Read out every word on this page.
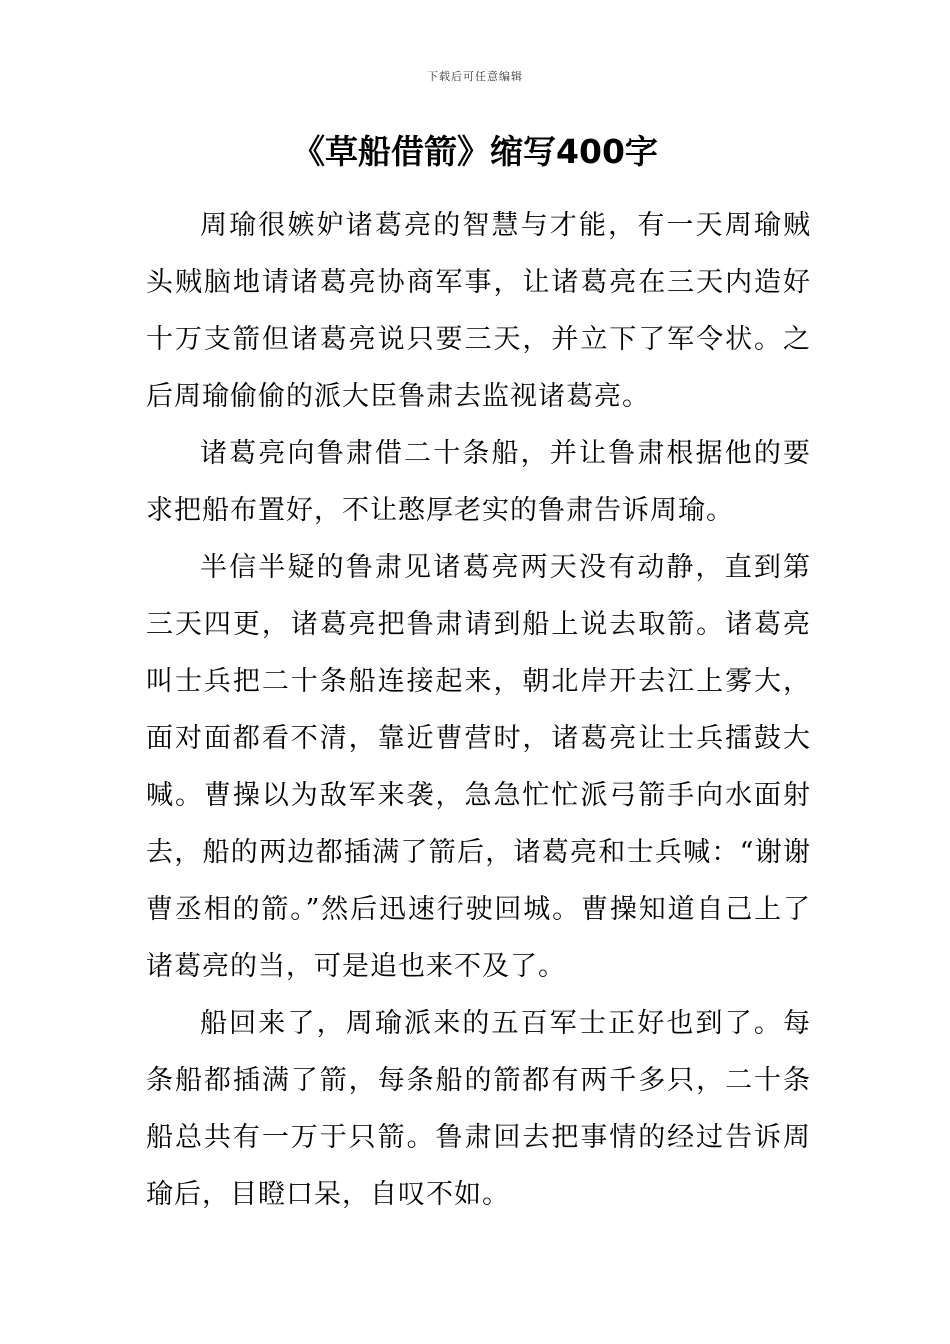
下载后可任意编辑
《草船借箭》缩写400字

周瑜很嫉妒诸葛亮的智慧与才能，有一天周瑜贼头贼脑地请诸葛亮协商军事，让诸葛亮在三天内造好十万支箭但诸葛亮说只要三天，并立下了军令状。之后周瑜偷偷的派大臣鲁肃去监视诸葛亮。

诸葛亮向鲁肃借二十条船，并让鲁肃根据他的要求把船布置好，不让憨厚老实的鲁肃告诉周瑜。

半信半疑的鲁肃见诸葛亮两天没有动静，直到第三天四更，诸葛亮把鲁肃请到船上说去取箭。诸葛亮叫士兵把二十条船连接起来，朝北岸开去江上雾大，面对面都看不清，靠近曹营时，诸葛亮让士兵擂鼓大喊。曹操以为敌军来袭，急急忙忙派弓箭手向水面射去，船的两边都插满了箭后，诸葛亮和士兵喊：“谢谢曹丞相的箭。”然后迅速行驶回城。曹操知道自己上了诸葛亮的当，可是追也来不及了。

船回来了，周瑜派来的五百军士正好也到了。每条船都插满了箭，每条船的箭都有两千多只，二十条船总共有一万于只箭。鲁肃回去把事情的经过告诉周瑜后，目瞪口呆，自叹不如。
